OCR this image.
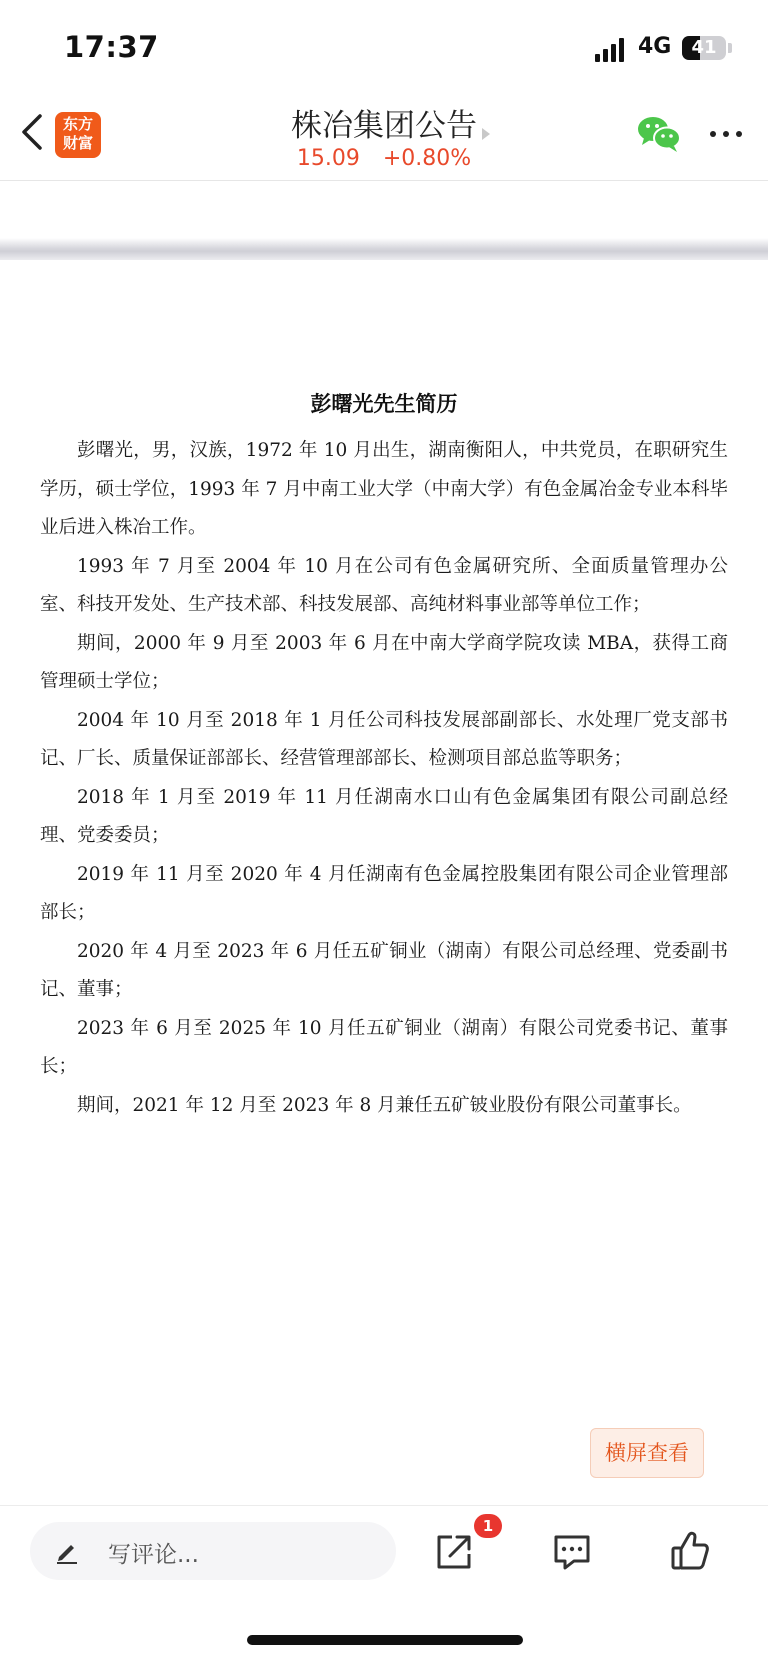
17:37	4G	41
东方
财富	株冶集团公告
15.09 +0.80%
彭曙光先生简历

彭曙光，男，汉族，1972 年 10 月出生，湖南衡阳人，中共党员，在职研究生学历，硕士学位，1993 年 7 月中南工业大学（中南大学）有色金属冶金专业本科毕业后进入株冶工作。

1993 年 7 月至 2004 年 10 月在公司有色金属研究所、全面质量管理办公室、科技开发处、生产技术部、科技发展部、高纯材料事业部等单位工作；

期间，2000 年 9 月至 2003 年 6 月在中南大学商学院攻读 MBA，获得工商管理硕士学位；

2004 年 10 月至 2018 年 1 月任公司科技发展部副部长、水处理厂党支部书记、厂长、质量保证部部长、经营管理部部长、检测项目部总监等职务；

2018 年 1 月至 2019 年 11 月任湖南水口山有色金属集团有限公司副总经理、党委委员；

2019 年 11 月至 2020 年 4 月任湖南有色金属控股集团有限公司企业管理部部长；

2020 年 4 月至 2023 年 6 月任五矿铜业（湖南）有限公司总经理、党委副书记、董事；

2023 年 6 月至 2025 年 10 月任五矿铜业（湖南）有限公司党委书记、董事长；

期间，2021 年 12 月至 2023 年 8 月兼任五矿铍业股份有限公司董事长。

横屏查看
写评论...
1
